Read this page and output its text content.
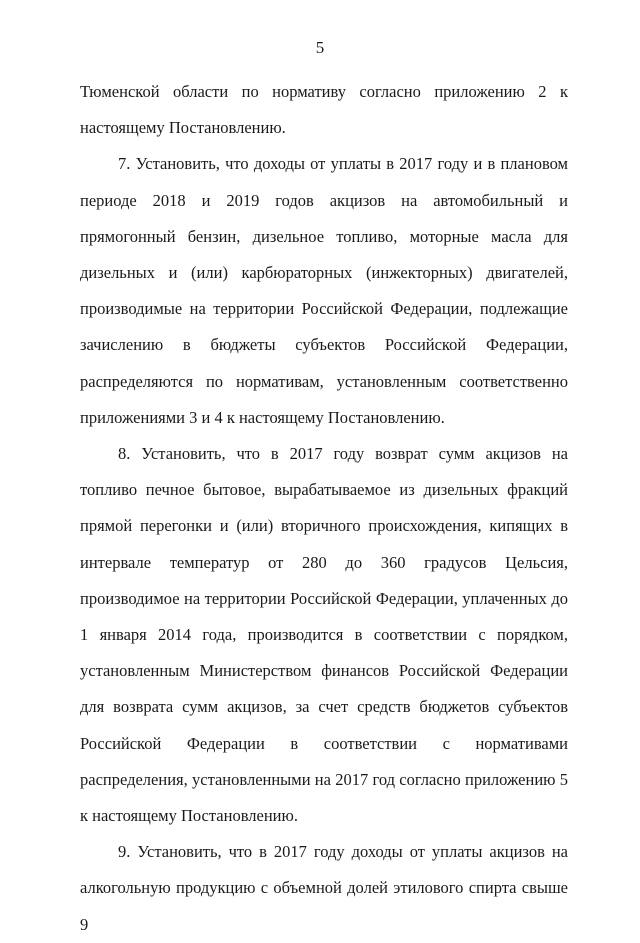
5

Тюменской области по нормативу согласно приложению 2 к настоящему Постановлению.

7. Установить, что доходы от уплаты в 2017 году и в плановом периоде 2018 и 2019 годов акцизов на автомобильный и прямогонный бензин, дизельное топливо, моторные масла для дизельных и (или) карбюраторных (инжекторных) двигателей, производимые на территории Российской Федерации, подлежащие зачислению в бюджеты субъектов Российской Федерации, распределяются по нормативам, установленным соответственно приложениями 3 и 4 к настоящему Постановлению.

8. Установить, что в 2017 году возврат сумм акцизов на топливо печное бытовое, вырабатываемое из дизельных фракций прямой перегонки и (или) вторичного происхождения, кипящих в интервале температур от 280 до 360 градусов Цельсия, производимое на территории Российской Федерации, уплаченных до 1 января 2014 года, производится в соответствии с порядком, установленным Министерством финансов Российской Федерации для возврата сумм акцизов, за счет средств бюджетов субъектов Российской Федерации в соответствии с нормативами распределения, установленными на 2017 год согласно приложению 5 к настоящему Постановлению.

9. Установить, что в 2017 году доходы от уплаты акцизов на алкогольную продукцию с объемной долей этилового спирта свыше 9
